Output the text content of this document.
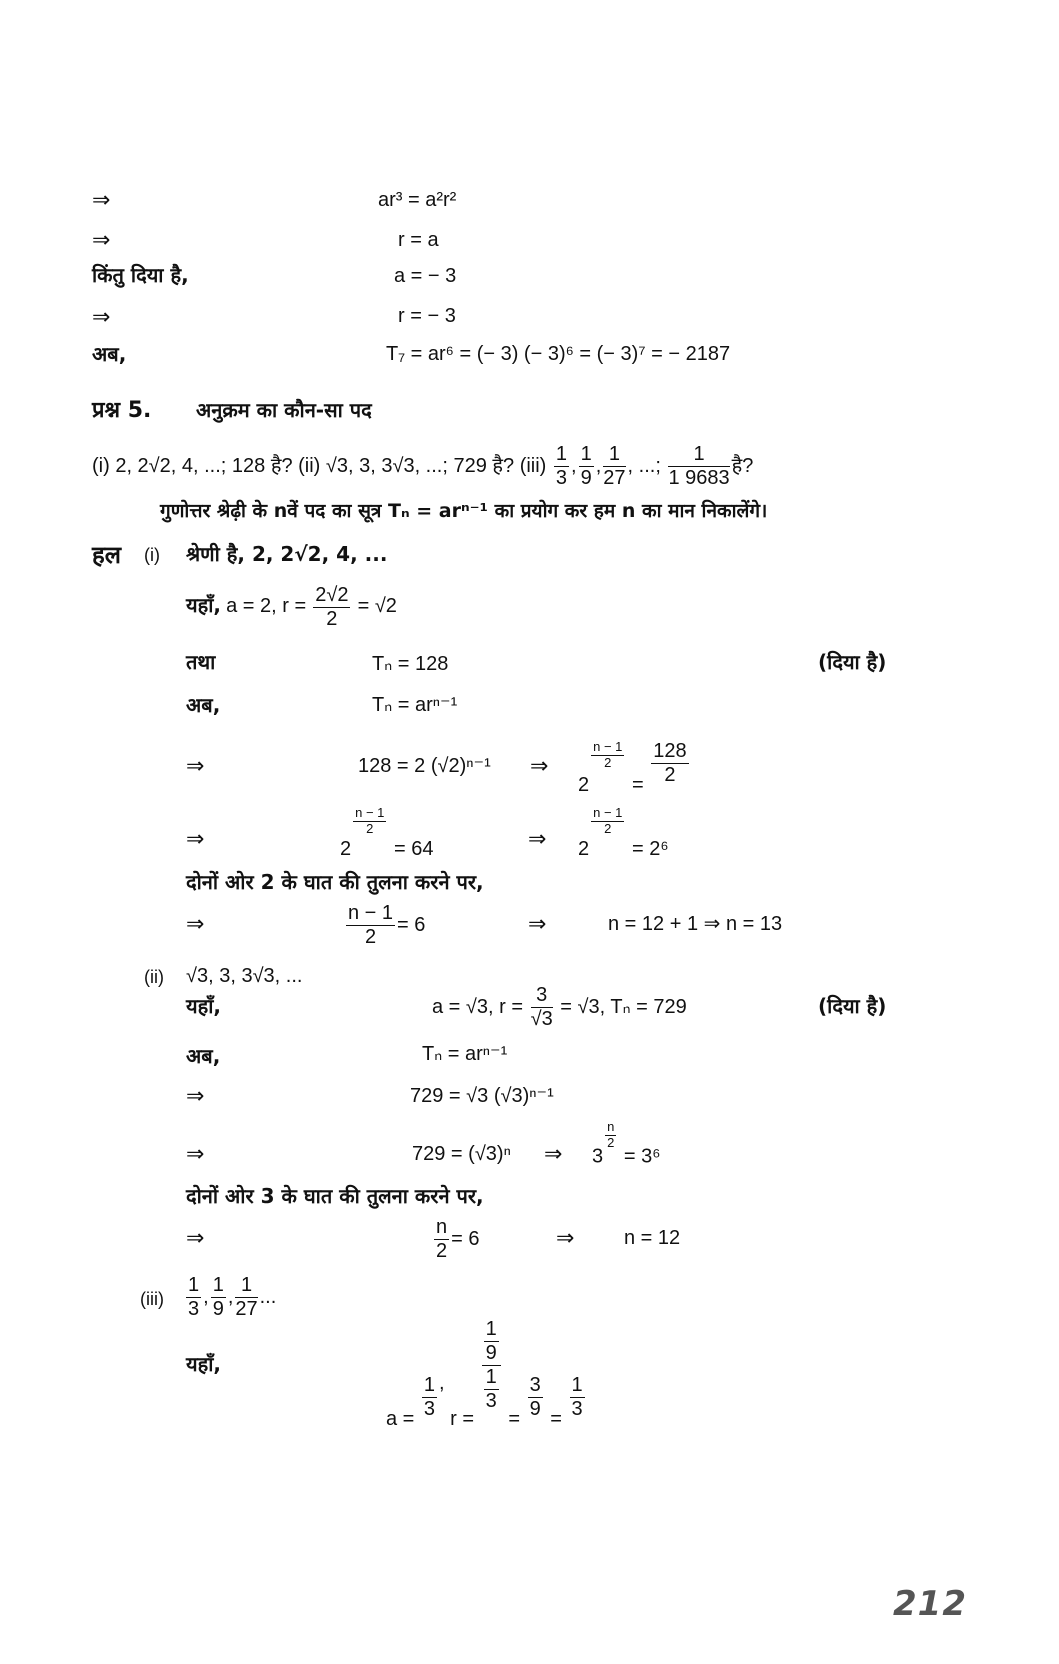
⇒	ar³ = a²r²
⇒	r = a
किंतु दिया है,	a = − 3
⇒	r = − 3
अब,	T₇ = ar⁶ = (− 3) (− 3)⁶ = (− 3)⁷ = − 2187
प्रश्न 5. अनुक्रम का कौन-सा पद
(i) 2, 2√2, 4, ...; 128 है? (ii) √3, 3, 3√3, ...; 729 है? $(iii) \frac{1}{3}$ , $\frac{1}{9}$ , $\frac{1}{27}$ , ...; $\frac{1}{1 9683}$ है?
गुणोत्तर श्रेढ़ी के nवें पद का सूत्र Tₙ = arⁿ⁻¹ का प्रयोग कर हम n का मान निकालेंगे।
हल (i) श्रेणी है, 2, 2√2, 4, ...
यहाँ, a = 2, $r = \frac{2√2}{2} = √2$
तथा	Tₙ = 128	(दिया है)
अब,	Tₙ = arⁿ⁻¹
⇒	128 = 2 (√2)ⁿ⁻¹ ⇒
2
$\frac{n - 1}{2}$
= $\frac{128}{2}$
⇒	2
$\frac{n - 1}{2}$
= 64	⇒ 2
$\frac{n - 1}{2}$
= 2⁶
दोनों ओर 2 के घात की तुलना करने पर,
⇒	$\frac{n - 1}{2} = 6$	⇒	n = 12 + 1 ⇒ n = 13
(ii) √3, 3, 3√3, ...
यहाँ,	a = √3, $r = \frac{3}{√3} = √3$, Tₙ = 729	(दिया है)
अब,	Tₙ = arⁿ⁻¹
⇒	729 = √3 (√3)ⁿ⁻¹
⇒	729 = (√3)ⁿ ⇒ 3
$\frac{n}{2}$
= 3⁶
दोनों ओर 3 के घात की तुलना करने पर,
⇒	$\frac{n}{2} = 6$	⇒ n = 12
$(iii) \frac{1}{3}$ , $\frac{1}{9}$ , $\frac{1}{27}$ ...
यहाँ,
$a = \frac{1}{3}$ , r =
$\frac{\frac{1}{9}}{\frac{1}{3}}$
= $\frac{3}{9} = \frac{1}{3}$
212
